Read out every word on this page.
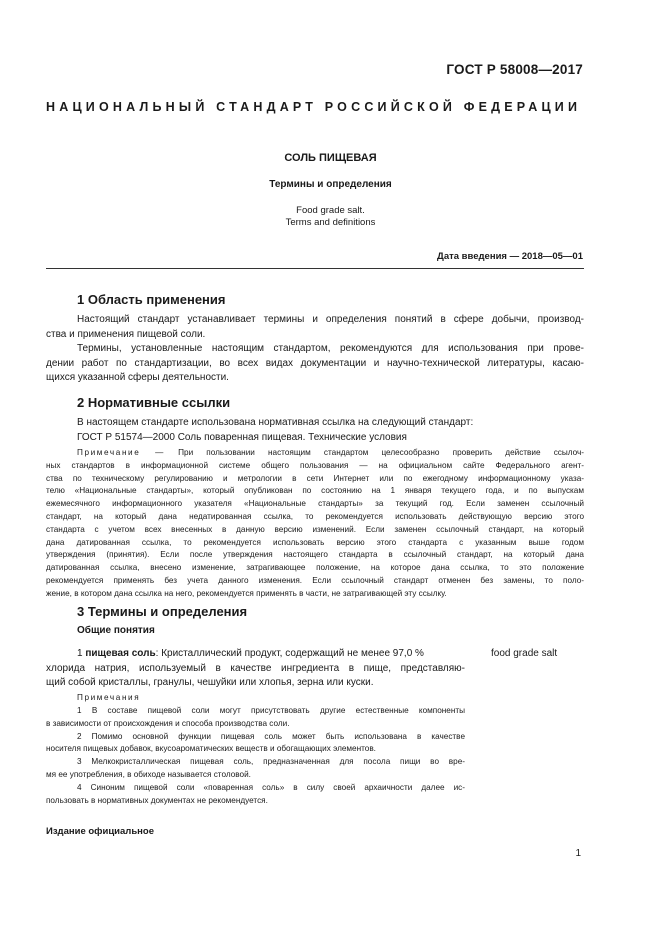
ГОСТ Р 58008—2017
НАЦИОНАЛЬНЫЙ СТАНДАРТ РОССИЙСКОЙ ФЕДЕРАЦИИ
СОЛЬ ПИЩЕВАЯ
Термины и определения
Food grade salt.
Terms and definitions
Дата введения — 2018—05—01
1 Область применения
Настоящий стандарт устанавливает термины и определения понятий в сфере добычи, производ-
ства и применения пищевой соли.
Термины, установленные настоящим стандартом, рекомендуются для использования при прове-
дении работ по стандартизации, во всех видах документации и научно-технической литературы, касаю-
щихся указанной сферы деятельности.
2 Нормативные ссылки
В настоящем стандарте использована нормативная ссылка на следующий стандарт:
ГОСТ Р 51574—2000 Соль поваренная пищевая. Технические условия
Примечание — При пользовании настоящим стандартом целесообразно проверить действие ссылоч-
ных стандартов в информационной системе общего пользования — на официальном сайте Федерального агент-
ства по техническому регулированию и метрологии в сети Интернет или по ежегодному информационному указа-
телю «Национальные стандарты», который опубликован по состоянию на 1 января текущего года, и по выпускам
ежемесячного информационного указателя «Национальные стандарты» за текущий год. Если заменен ссылочный
стандарт, на который дана недатированная ссылка, то рекомендуется использовать действующую версию этого
стандарта с учетом всех внесенных в данную версию изменений. Если заменен ссылочный стандарт, на который
дана датированная ссылка, то рекомендуется использовать версию этого стандарта с указанным выше годом
утверждения (принятия). Если после утверждения настоящего стандарта в ссылочный стандарт, на который дана
датированная ссылка, внесено изменение, затрагивающее положение, на которое дана ссылка, то это положение
рекомендуется применять без учета данного изменения. Если ссылочный стандарт отменен без замены, то поло-
жение, в котором дана ссылка на него, рекомендуется применять в части, не затрагивающей эту ссылку.
3 Термины и определения
Общие понятия
1 пищевая соль: Кристаллический продукт, содержащий не менее 97,0 %
хлорида натрия, используемый в качестве ингредиента в пище, представляю-
щий собой кристаллы, гранулы, чешуйки или хлопья, зерна или куски.
food grade salt
Примечания
1 В составе пищевой соли могут присутствовать другие естественные компоненты
в зависимости от происхождения и способа производства соли.
2 Помимо основной функции пищевая соль может быть использована в качестве
носителя пищевых добавок, вкусоароматических веществ и обогащающих элементов.
3 Мелкокристаллическая пищевая соль, предназначенная для посола пищи во вре-
мя ее употребления, в обиходе называется столовой.
4 Синоним пищевой соли «поваренная соль» в силу своей архаичности далее ис-
пользовать в нормативных документах не рекомендуется.
Издание официальное
1
